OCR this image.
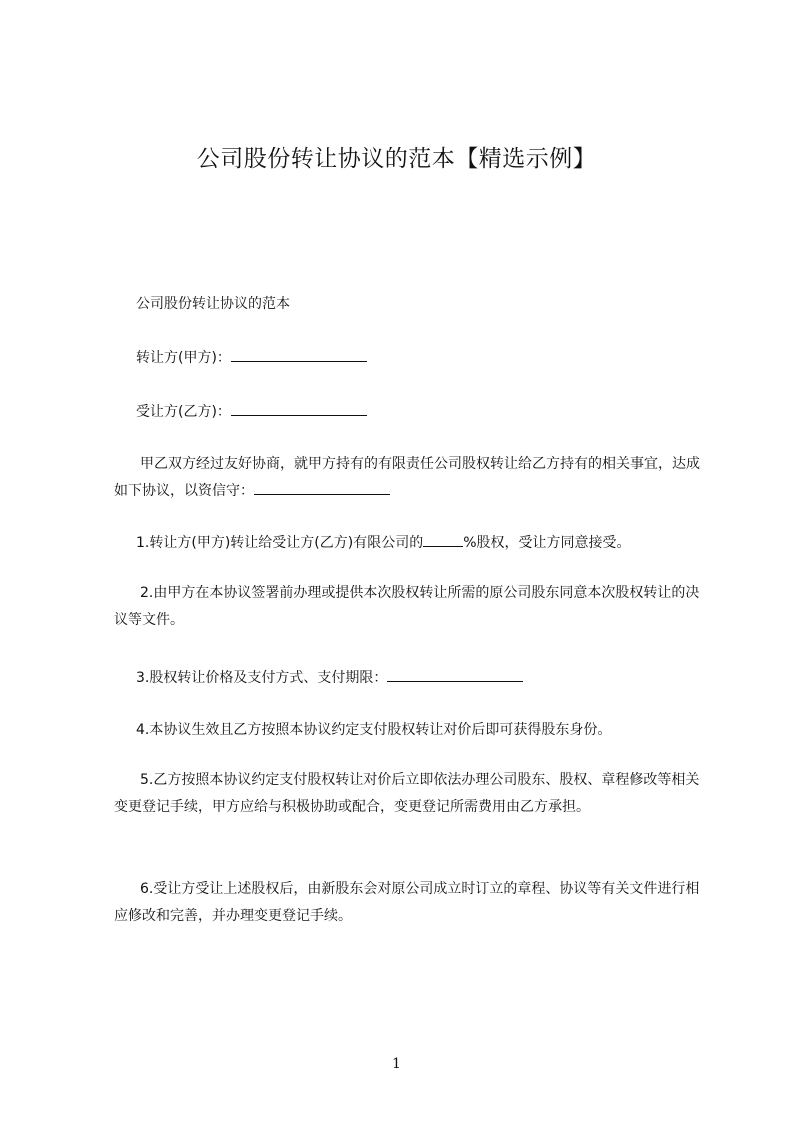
公司股份转让协议的范本【精选示例】
公司股份转让协议的范本
转让方(甲方)：
受让方(乙方)：
甲乙双方经过友好协商，就甲方持有的有限责任公司股权转让给乙方持有的相关事宜，达成如下协议，以资信守：
1.转让方(甲方)转让给受让方(乙方)有限公司的	%股权，受让方同意接受。
2.由甲方在本协议签署前办理或提供本次股权转让所需的原公司股东同意本次股权转让的决议等文件。
3.股权转让价格及支付方式、支付期限：
4.本协议生效且乙方按照本协议约定支付股权转让对价后即可获得股东身份。
5.乙方按照本协议约定支付股权转让对价后立即依法办理公司股东、股权、章程修改等相关变更登记手续，甲方应给与积极协助或配合，变更登记所需费用由乙方承担。
6.受让方受让上述股权后，由新股东会对原公司成立时订立的章程、协议等有关文件进行相应修改和完善，并办理变更登记手续。
1
